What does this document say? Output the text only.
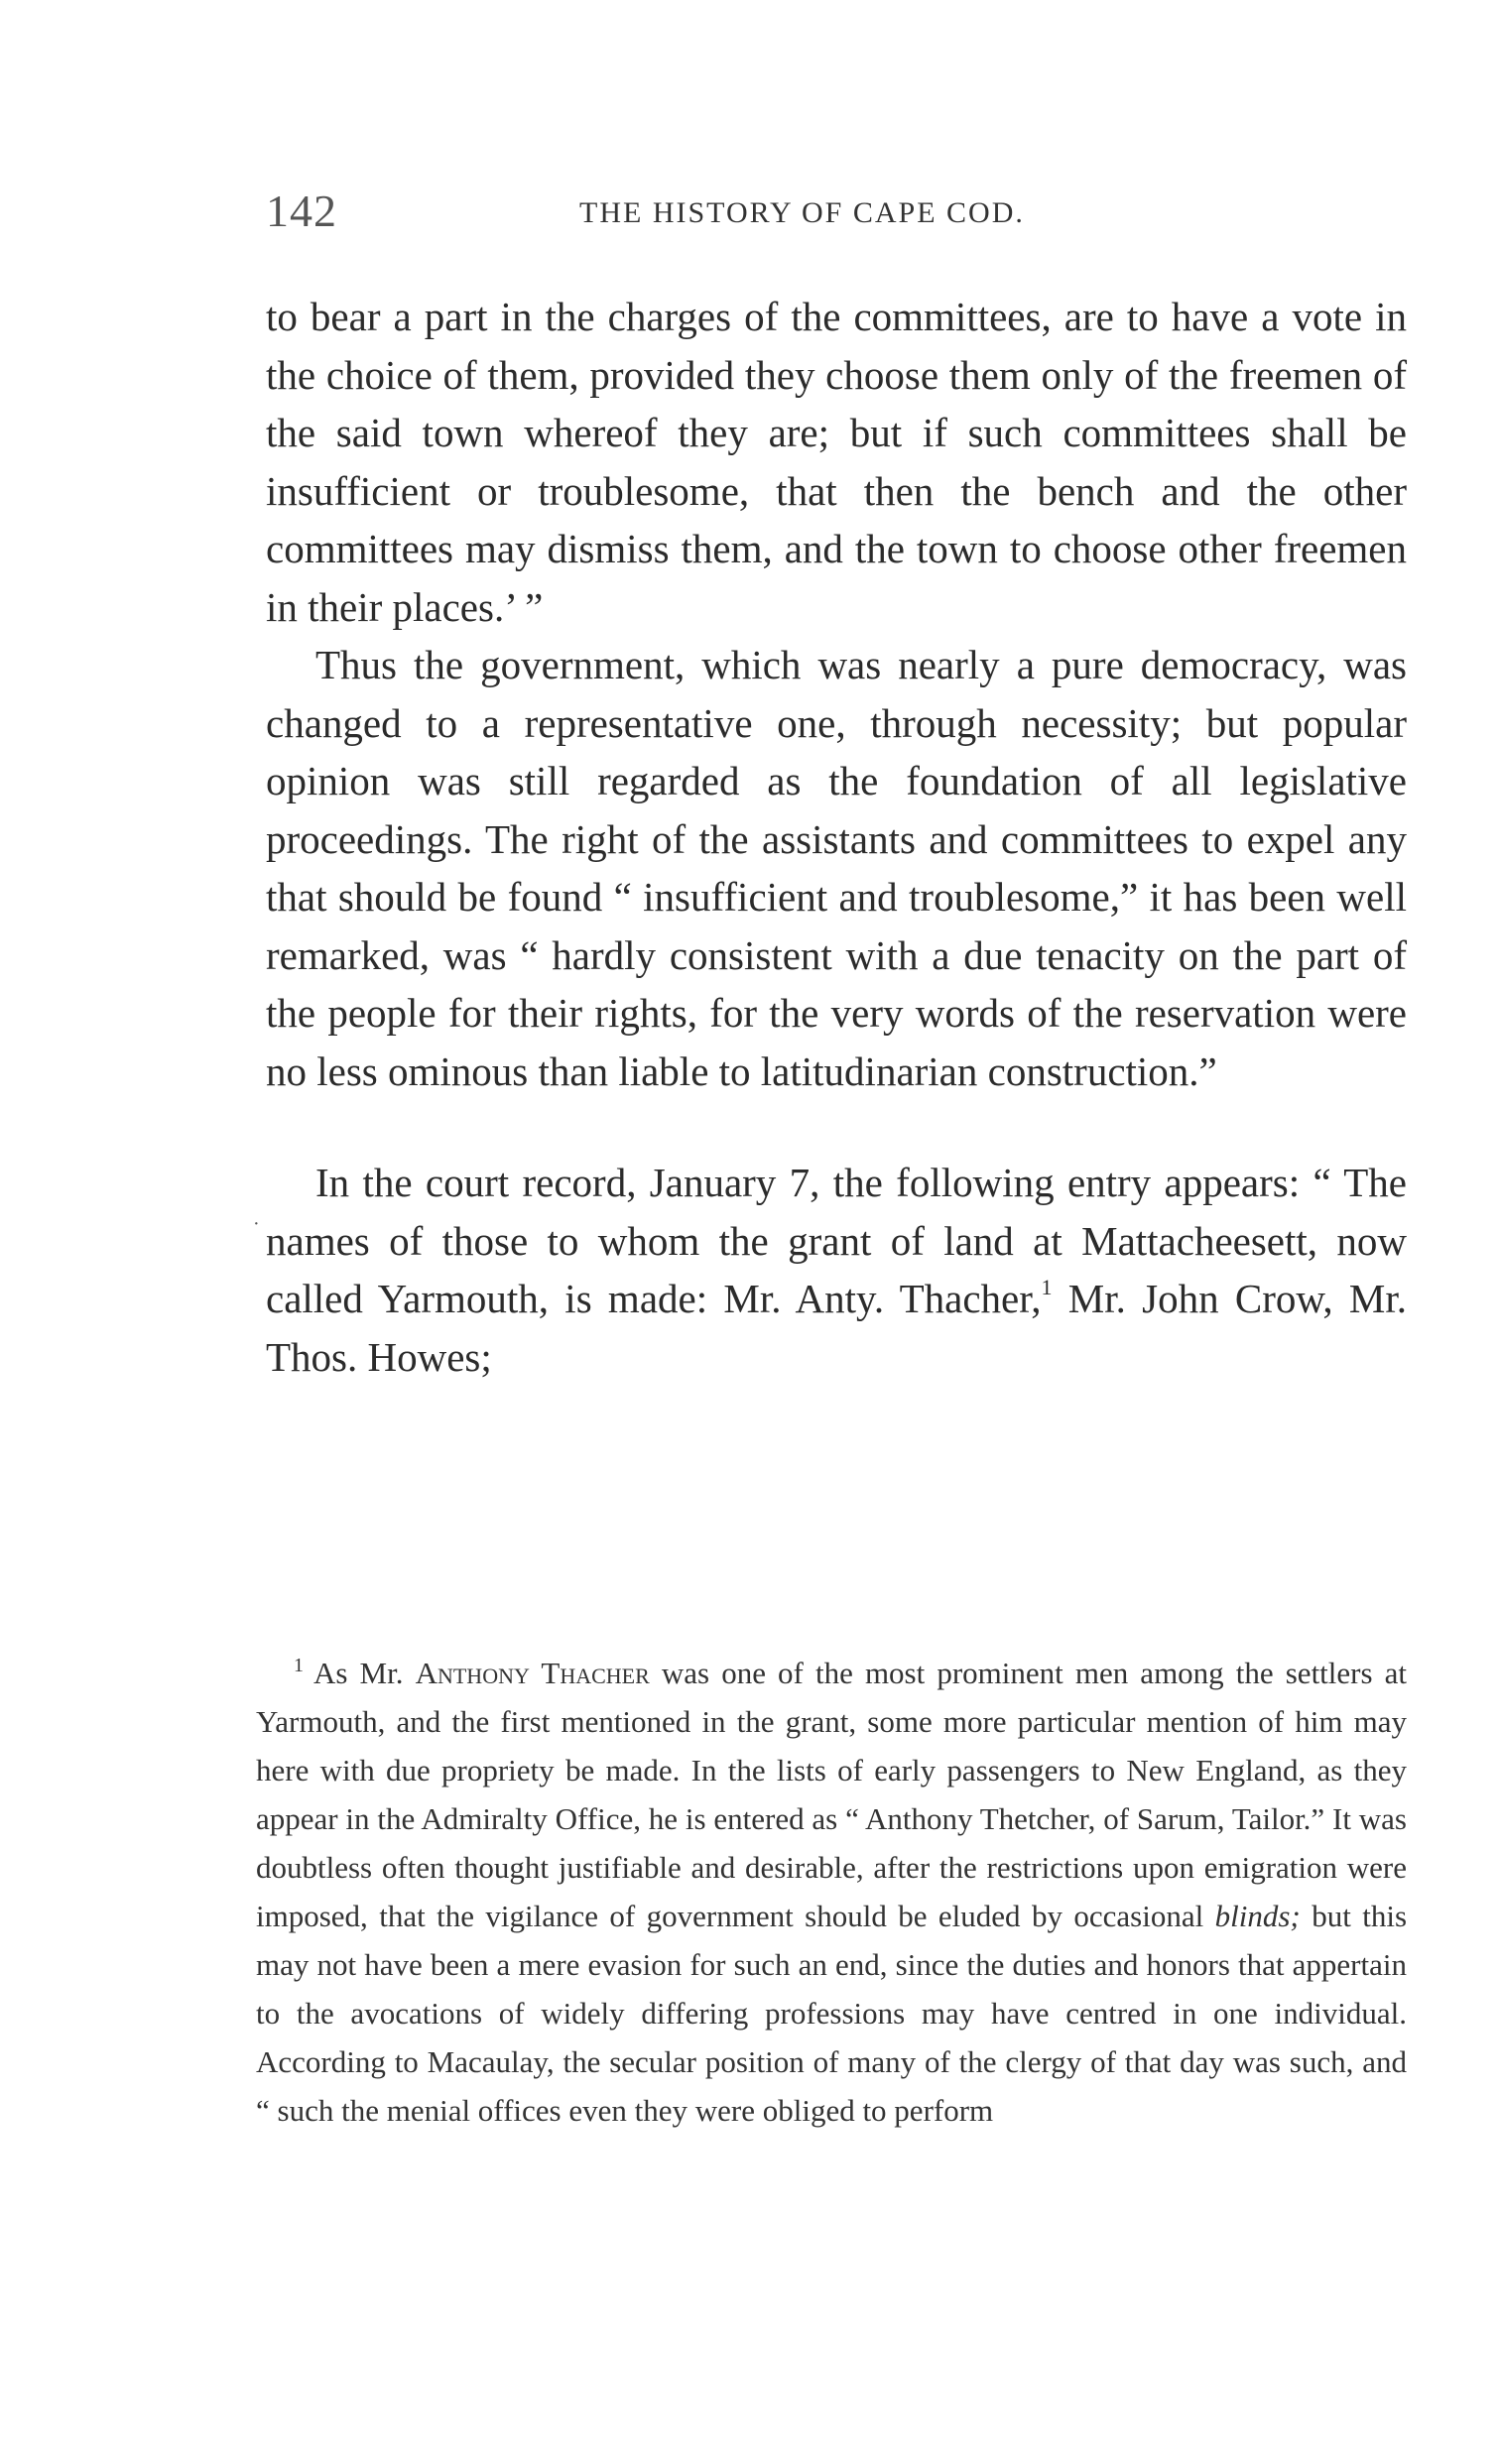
142	THE HISTORY OF CAPE COD.
·

to bear a part in the charges of the committees, are to have a vote in the choice of them, provided they choose them only of the freemen of the said town whereof they are; but if such committees shall be insufficient or troublesome, that then the bench and the other committees may dismiss them, and the town to choose other freemen in their places.’ ”

Thus the government, which was nearly a pure democracy, was changed to a representative one, through necessity; but popular opinion was still regarded as the foundation of all legislative proceedings. The right of the assistants and committees to expel any that should be found “ insufficient and troublesome,” it has been well remarked, was “ hardly consistent with a due tenacity on the part of the people for their rights, for the very words of the reservation were no less ominous than liable to latitudinarian construction.”

In the court record, January 7, the following entry appears: “ The names of those to whom the grant of land at Mattacheesett, now called Yarmouth, is made: Mr. Anty. Thacher,$^1$ Mr. John Crow, Mr. Thos. Howes;

$^1$ As Mr. Anthony Thacher was one of the most prominent men among the settlers at Yarmouth, and the first mentioned in the grant, some more particular mention of him may here with due propriety be made. In the lists of early passengers to New England, as they appear in the Admiralty Office, he is entered as “ Anthony Thetcher, of Sarum, Tailor.” It was doubtless often thought justifiable and desirable, after the restrictions upon emigration were imposed, that the vigilance of government should be eluded by occasional blinds; but this may not have been a mere evasion for such an end, since the duties and honors that appertain to the avocations of widely differing professions may have centred in one individual. According to Macaulay, the secular position of many of the clergy of that day was such, and “ such the menial offices even they were obliged to perform
